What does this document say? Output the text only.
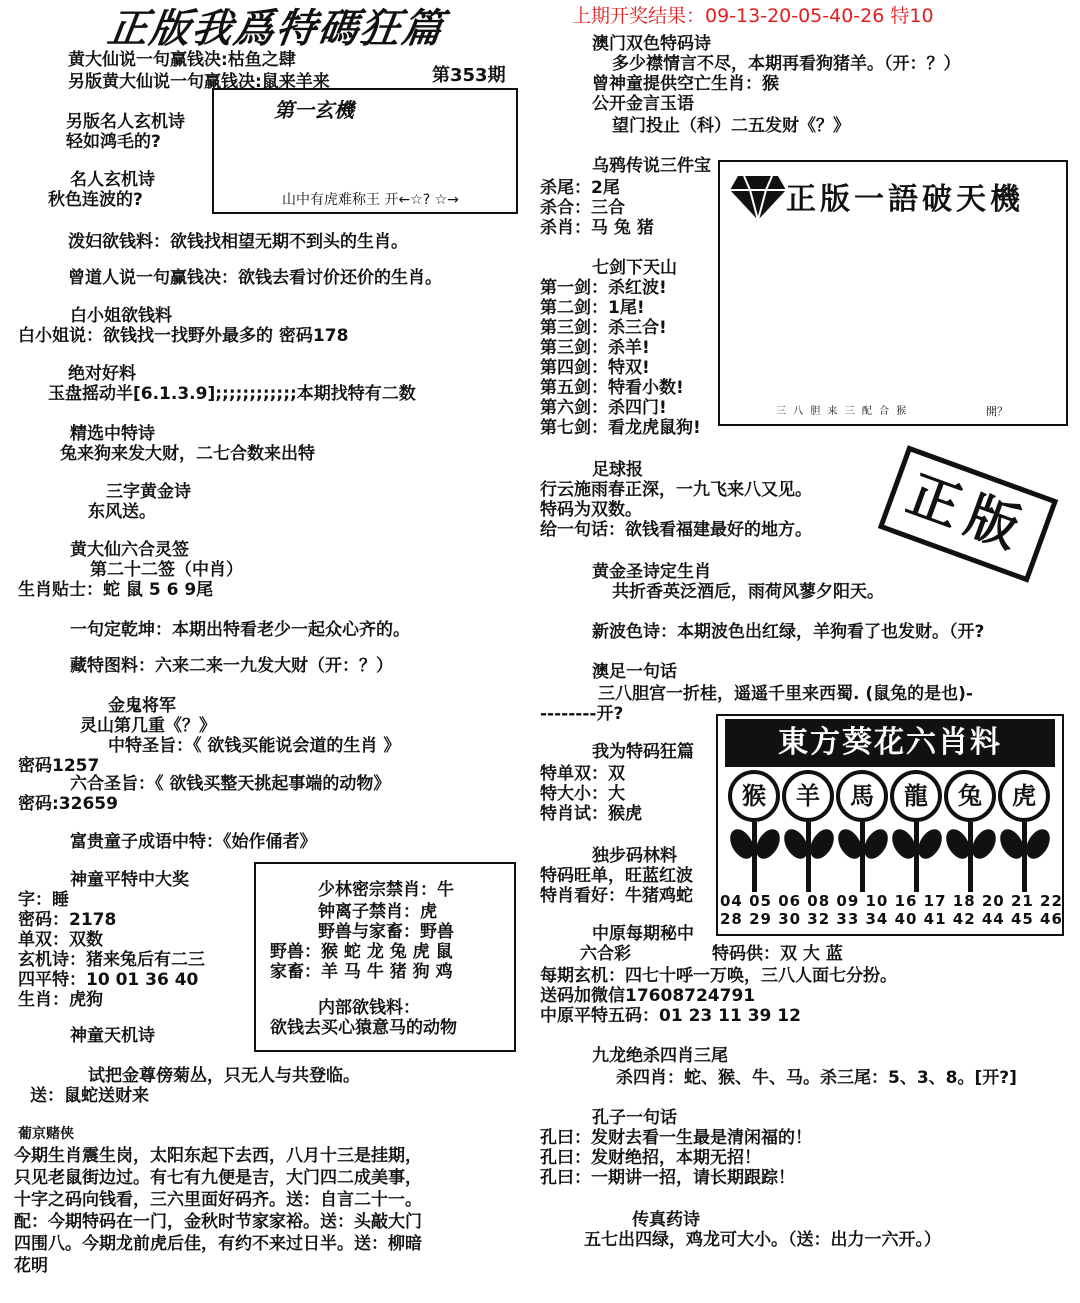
正版我爲特碼狂篇	上期开奖结果：09-13-20-05-40-26 特10
黄大仙说一句赢钱决:枯鱼之肆
另版黄大仙说一句赢钱决:鼠来羊来
第一玄機
山中有虎难称王 开←☆? ☆→
第353期
另版名人玄机诗
轻如鸿毛的?
名人玄机诗
秋色连波的?
泼妇欲钱料：欲钱找相望无期不到头的生肖。
曾道人说一句赢钱决：欲钱去看讨价还价的生肖。
白小姐欲钱料
白小姐说：欲钱找一找野外最多的 密码178
绝对好料
玉盘摇动半[6.1.3.9];;;;;;;;;;;;本期找特有二数
精选中特诗
兔来狗来发大财，二七合数来出特
三字黄金诗
东风送。
黄大仙六合灵签
第二十二签（中肖）
生肖贴士：蛇 鼠 5 6 9尾
一句定乾坤：本期出特看老少一起众心齐的。
藏特图料：六来二来一九发大财（开：？）
金鬼将军
灵山第几重《？》
中特圣旨：《 欲钱买能说会道的生肖 》
密码1257
六合圣旨：《 欲钱买整天挑起事端的动物》
密码:32659
富贵童子成语中特：《始作俑者》
神童平特中大奖
字：睡
密码：2178
单双：双数
玄机诗：猪来兔后有二三
四平特：10 01 36 40
生肖：虎狗
少林密宗禁肖：牛
钟离子禁肖：虎
野兽与家畜：野兽
野兽：猴 蛇 龙 兔 虎 鼠
家畜：羊 马 牛 猪 狗 鸡
内部欲钱料：
欲钱去买心猿意马的动物
神童天机诗
试把金尊傍菊丛，只无人与共登临。
送：鼠蛇送财来
葡京赌侠
今期生肖震生岗，太阳东起下去西，八月十三是挂期，
只见老鼠街边过。有七有九便是吉，大门四二成美事，
十字之码向钱看，三六里面好码齐。送：自言二十一。
配：今期特码在一门，金秋时节家家裕。送：头敲大门
四围八。今期龙前虎后佳，有约不来过日半。送：柳暗
花明
澳门双色特码诗
多少襟情言不尽，本期再看狗猪羊。（开：？）
曾神童提供空亡生肖：猴
公开金言玉语
望门投止（科）二五发财《？》
乌鸦传说三件宝
杀尾：2尾
杀合：三合
杀肖：马 兔 猪
開？
三 八 胆 来 三 配 合 猴
正版一語破天機
七剑下天山
第一剑：杀红波!
第二剑：1尾!
第三剑：杀三合!
第三剑：杀羊!
第四剑：特双!
第五剑：特看小数!
第六剑：杀四门!
第七剑：看龙虎鼠狗!
正版
足球报
行云施雨春正深，一九飞来八又见。
特码为双数。
给一句话：欲钱看福建最好的地方。
黄金圣诗定生肖
共折香英泛酒卮，雨荷风蓼夕阳天。
新波色诗：本期波色出红绿，羊狗看了也发财。（开?
澳足一句话
三八胆宫一折桂，遥遥千里来西蜀. (鼠兔的是也)-
--------开?
我为特码狂篇
特单双：双
特大小：大
特肖试：猴虎
独步码林料
特码旺单，旺蓝红波
特肖看好：牛猪鸡蛇
東方葵花六肖料
猴	羊	馬	龍	兔	虎
04 05 06 08 09 10 16 17 18 20 21 22
28 29 30 32 33 34 40 41 42 44 45 46
中原每期秘中
六合彩	特码供：双 大 蓝
每期玄机：四七十呼一万唤，三八人面七分扮。
送码加微信17608724791
中原平特五码：01 23 11 39 12
九龙绝杀四肖三尾
杀四肖：蛇、猴、牛、马。杀三尾：5、3、8。[开?]
孔子一句话
孔曰：发财去看一生最是清闲福的！
孔曰：发财绝招，本期无招！
孔曰：一期讲一招，请长期跟踪！
传真药诗
五七出四绿，鸡龙可大小。（送：出力一六开。）
